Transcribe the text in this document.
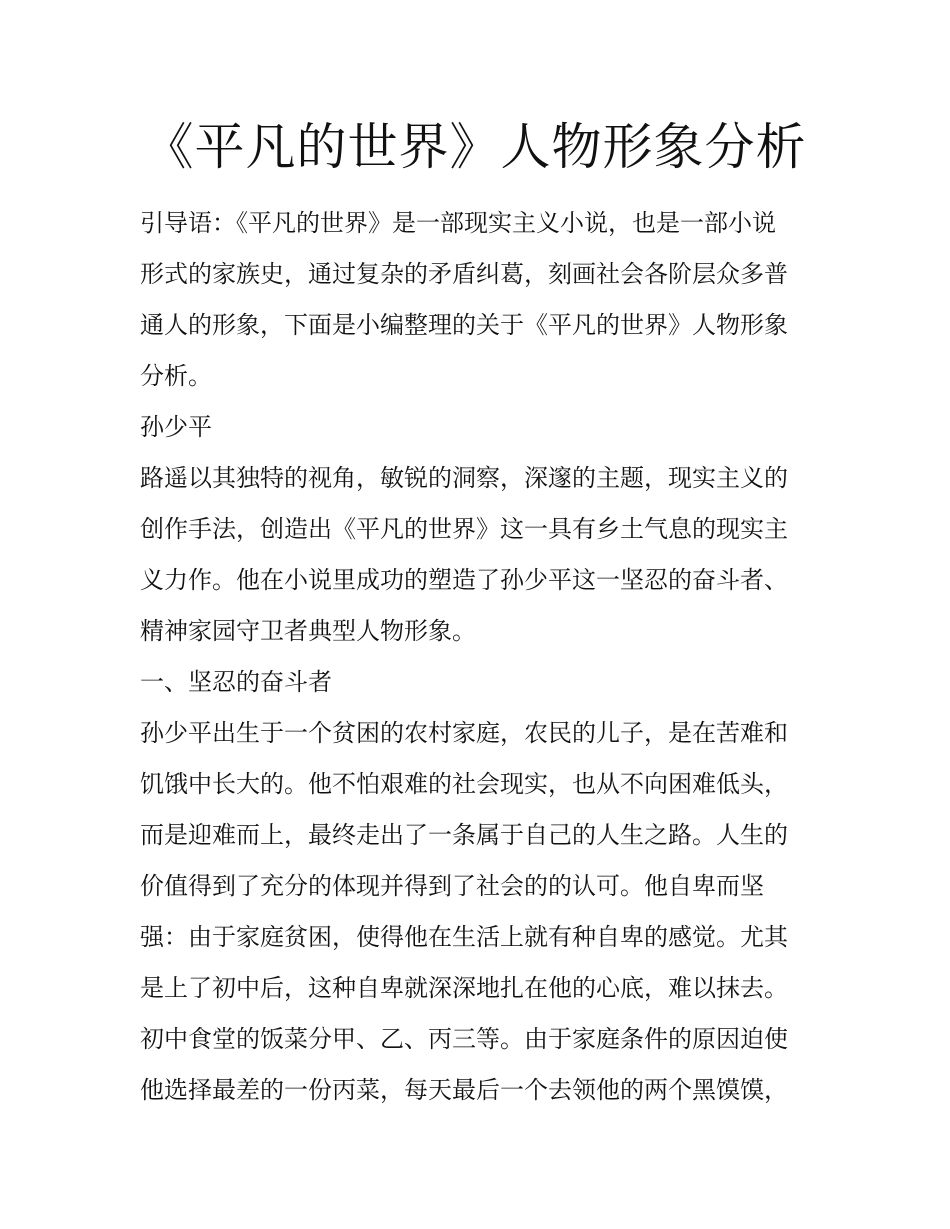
《平凡的世界》人物形象分析
引导语：《平凡的世界》是一部现实主义小说，也是一部小说
形式的家族史，通过复杂的矛盾纠葛，刻画社会各阶层众多普
通人的形象，下面是小编整理的关于《平凡的世界》人物形象
分析。
孙少平
路遥以其独特的视角，敏锐的洞察，深邃的主题，现实主义的
创作手法，创造出《平凡的世界》这一具有乡土气息的现实主
义力作。他在小说里成功的塑造了孙少平这一坚忍的奋斗者、
精神家园守卫者典型人物形象。
一、坚忍的奋斗者
孙少平出生于一个贫困的农村家庭，农民的儿子，是在苦难和
饥饿中长大的。他不怕艰难的社会现实，也从不向困难低头，
而是迎难而上，最终走出了一条属于自己的人生之路。人生的
价值得到了充分的体现并得到了社会的的认可。他自卑而坚
强：由于家庭贫困，使得他在生活上就有种自卑的感觉。尤其
是上了初中后，这种自卑就深深地扎在他的心底，难以抹去。
初中食堂的饭菜分甲、乙、丙三等。由于家庭条件的原因迫使
他选择最差的一份丙菜，每天最后一个去领他的两个黑馍馍，
